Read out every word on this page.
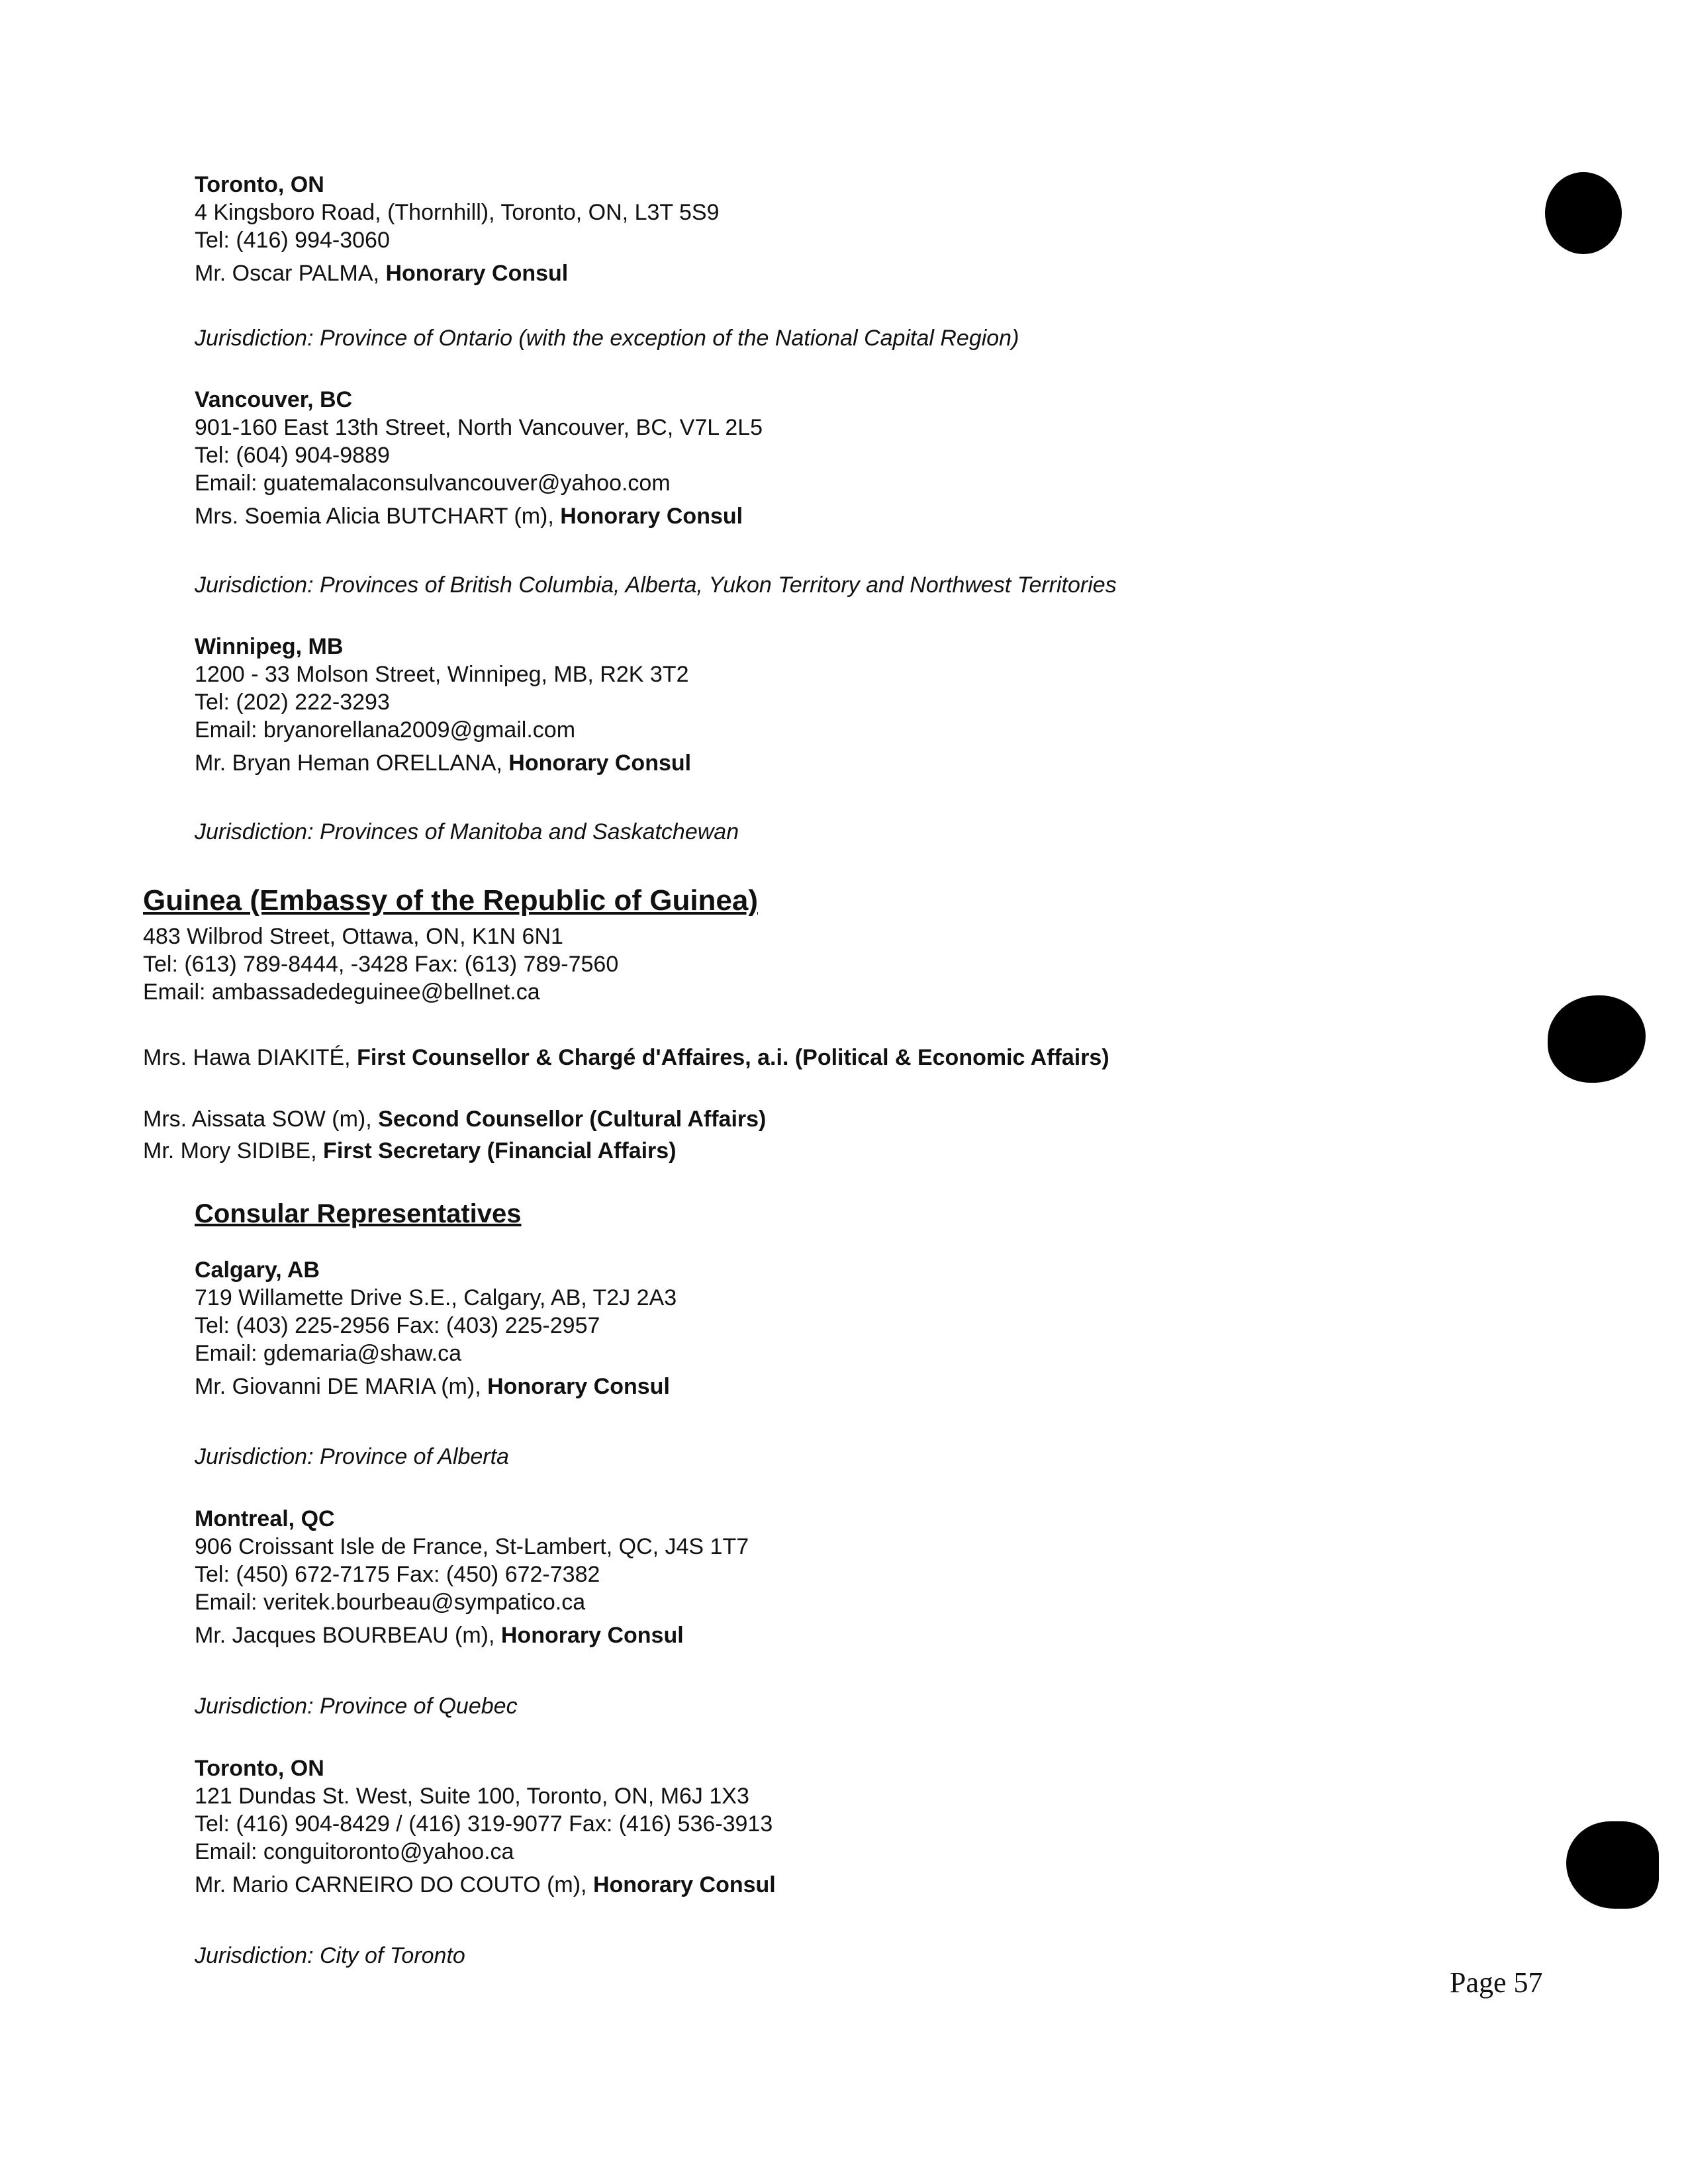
Toronto, ON
4 Kingsboro Road, (Thornhill), Toronto, ON, L3T 5S9
Tel: (416) 994-3060
Mr. Oscar PALMA, Honorary Consul
Jurisdiction: Province of Ontario (with the exception of the National Capital Region)
Vancouver, BC
901-160 East 13th Street, North Vancouver, BC, V7L 2L5
Tel: (604) 904-9889
Email: guatemalaconsulvancouver@yahoo.com
Mrs. Soemia Alicia BUTCHART (m), Honorary Consul
Jurisdiction: Provinces of British Columbia, Alberta, Yukon Territory and Northwest Territories
Winnipeg, MB
1200 - 33 Molson Street, Winnipeg, MB, R2K 3T2
Tel: (202) 222-3293
Email: bryanorellana2009@gmail.com
Mr. Bryan Heman ORELLANA, Honorary Consul
Jurisdiction: Provinces of Manitoba and Saskatchewan
Guinea (Embassy of the Republic of Guinea)
483 Wilbrod Street, Ottawa, ON, K1N 6N1
Tel: (613) 789-8444, -3428 Fax: (613) 789-7560
Email: ambassadedeguinee@bellnet.ca
Mrs. Hawa DIAKITÉ, First Counsellor & Chargé d'Affaires, a.i. (Political & Economic Affairs)
Mrs. Aissata SOW (m), Second Counsellor (Cultural Affairs)
Mr. Mory SIDIBE, First Secretary (Financial Affairs)
Consular Representatives
Calgary, AB
719 Willamette Drive S.E., Calgary, AB, T2J 2A3
Tel: (403) 225-2956 Fax: (403) 225-2957
Email: gdemaria@shaw.ca
Mr. Giovanni DE MARIA (m), Honorary Consul
Jurisdiction: Province of Alberta
Montreal, QC
906 Croissant Isle de France, St-Lambert, QC, J4S 1T7
Tel: (450) 672-7175 Fax: (450) 672-7382
Email: veritek.bourbeau@sympatico.ca
Mr. Jacques BOURBEAU (m), Honorary Consul
Jurisdiction: Province of Quebec
Toronto, ON
121 Dundas St. West, Suite 100, Toronto, ON, M6J 1X3
Tel: (416) 904-8429 / (416) 319-9077 Fax: (416) 536-3913
Email: conguitoronto@yahoo.ca
Mr. Mario CARNEIRO DO COUTO (m), Honorary Consul
Jurisdiction: City of Toronto
Page 57
